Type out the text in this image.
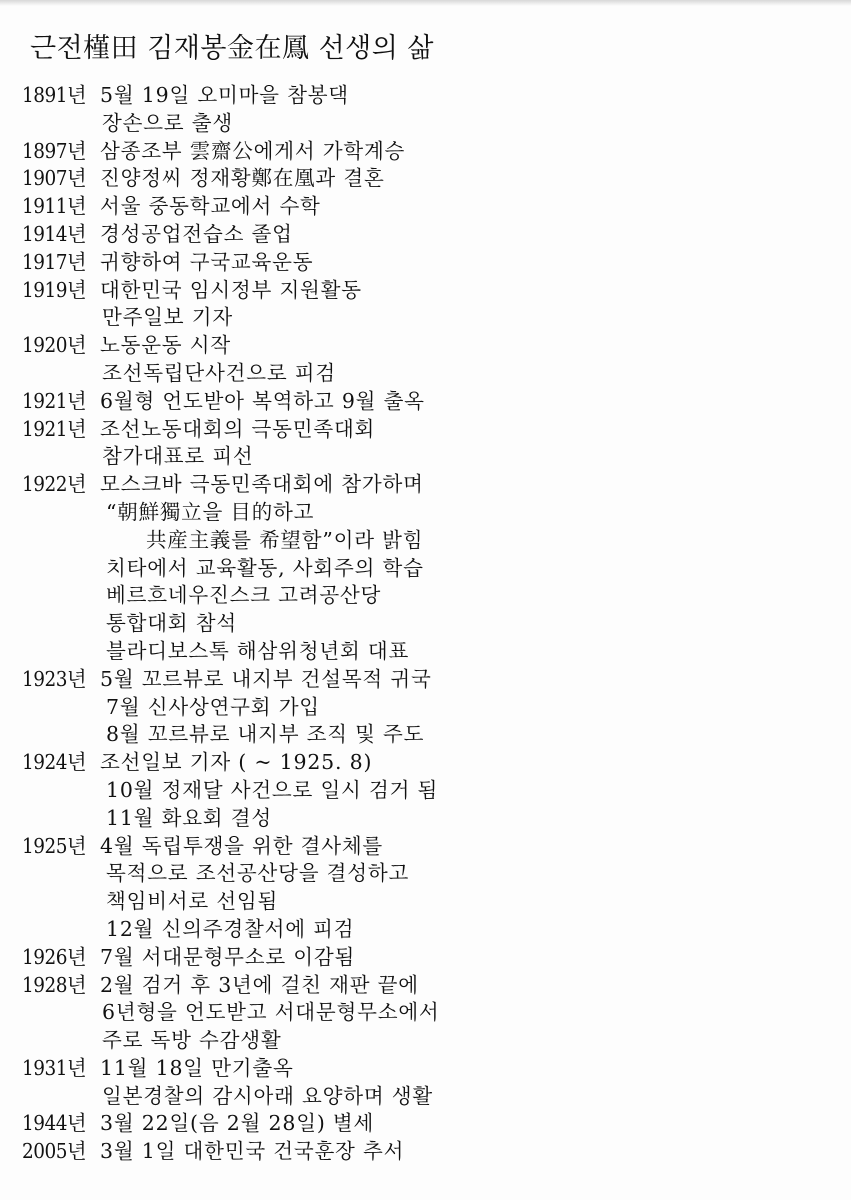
근전槿田 김재봉金在鳳 선생의 삶
1891년 5월 19일 오미마을 참봉댁
장손으로 출생
1897년 삼종조부 雲齋公에게서 가학계승
1907년 진양정씨 정재황鄭在凰과 결혼
1911년 서울 중동학교에서 수학
1914년 경성공업전습소 졸업
1917년 귀향하여 구국교육운동
1919년 대한민국 임시정부 지원활동
만주일보 기자
1920년 노동운동 시작
조선독립단사건으로 피검
1921년 6월형 언도받아 복역하고 9월 출옥
1921년 조선노동대회의 극동민족대회
참가대표로 피선
1922년 모스크바 극동민족대회에 참가하며
“朝鮮獨立을 目的하고
共産主義를 希望함”이라 밝힘
치타에서 교육활동, 사회주의 학습
베르흐네우진스크 고려공산당
통합대회 참석
블라디보스톡 해삼위청년회 대표
1923년 5월 꼬르뷰로 내지부 건설목적 귀국
7월 신사상연구회 가입
8월 꼬르뷰로 내지부 조직 및 주도
1924년 조선일보 기자 ( ~ 1925. 8)
10월 정재달 사건으로 일시 검거 됨
11월 화요회 결성
1925년 4월 독립투쟁을 위한 결사체를
목적으로 조선공산당을 결성하고
책임비서로 선임됨
12월 신의주경찰서에 피검
1926년 7월 서대문형무소로 이감됨
1928년 2월 검거 후 3년에 걸친 재판 끝에
6년형을 언도받고 서대문형무소에서
주로 독방 수감생활
1931년 11월 18일 만기출옥
일본경찰의 감시아래 요양하며 생활
1944년 3월 22일(음 2월 28일) 별세
2005년 3월 1일 대한민국 건국훈장 추서
